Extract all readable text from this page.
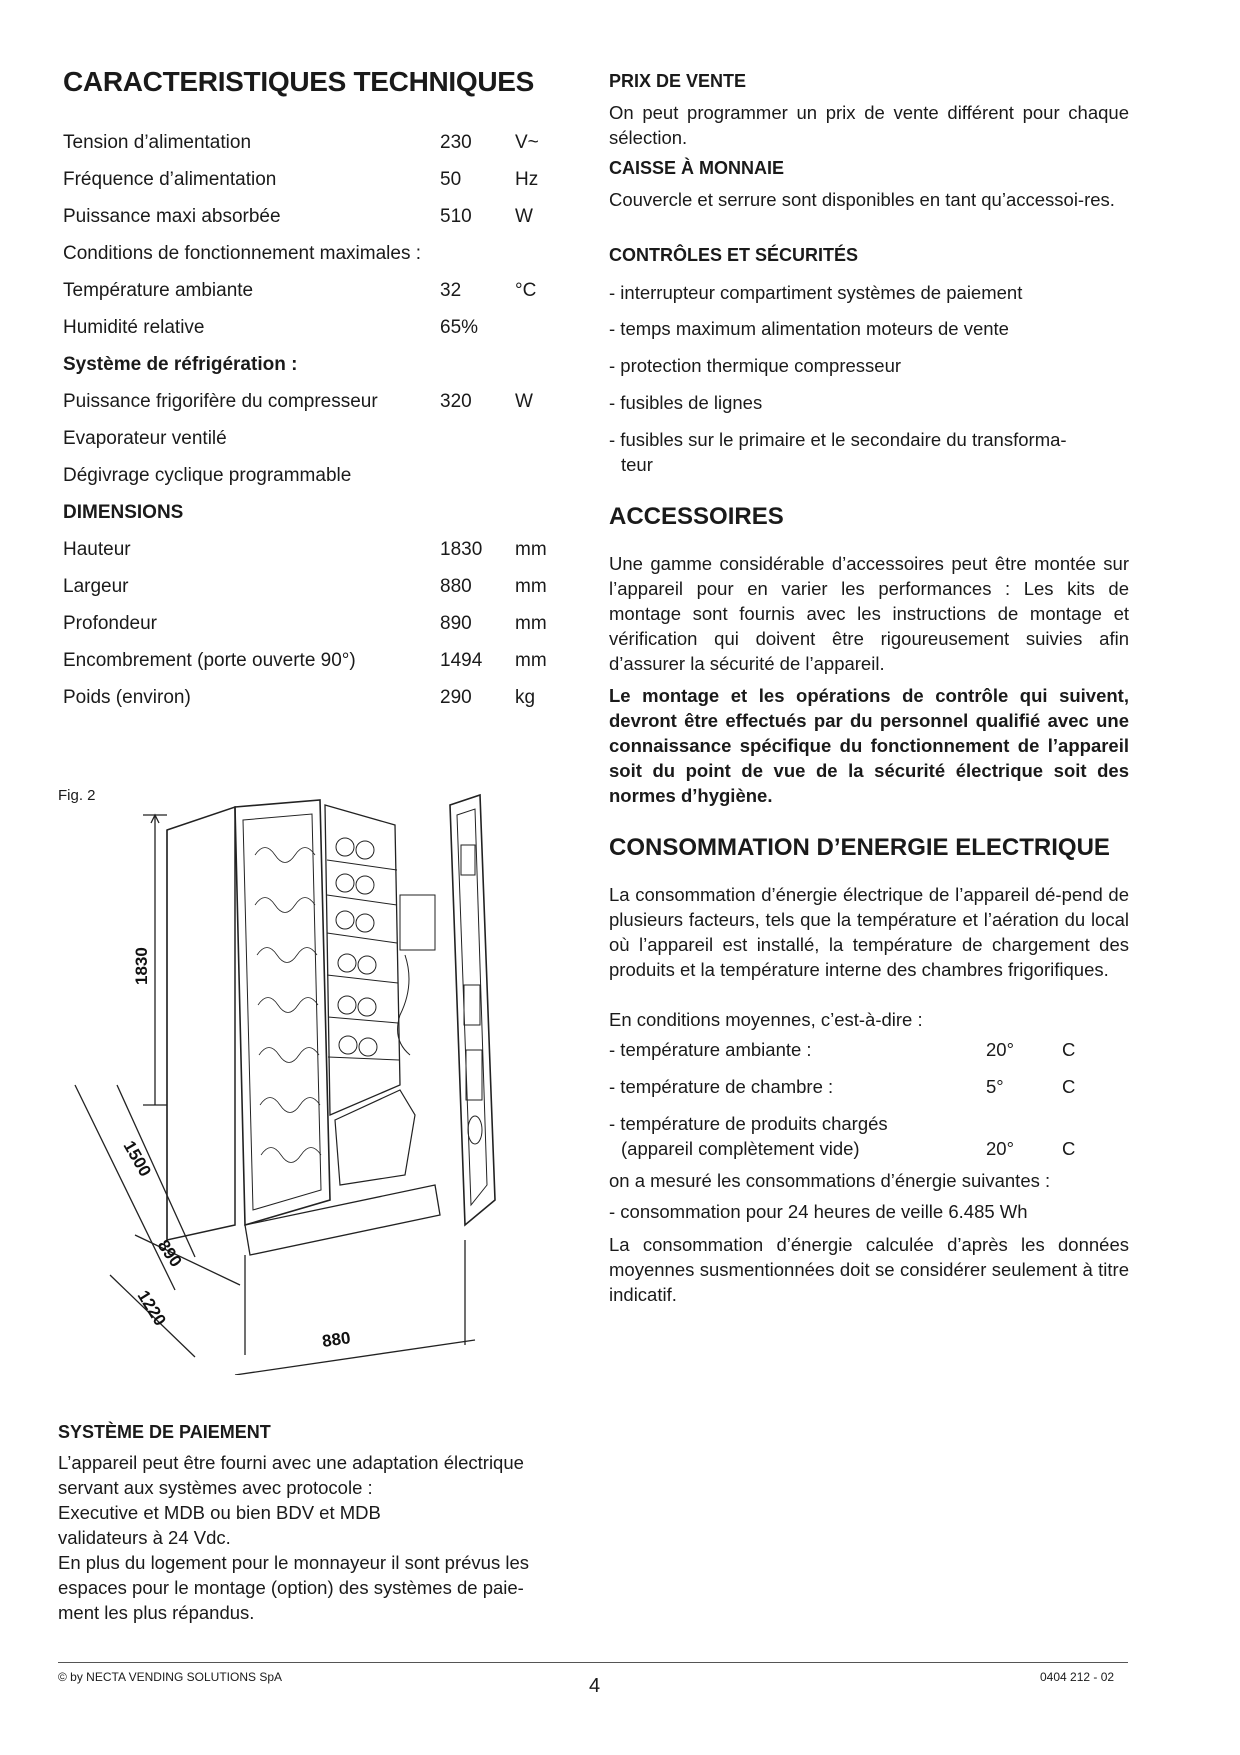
CARACTERISTIQUES TECHNIQUES
Tension d’alimentation	230 V~
Fréquence d’alimentation	50	Hz
Puissance maxi absorbée	510 W
Conditions de fonctionnement maximales :
Température ambiante	32	°C
Humidité relative	65%
Système de réfrigération :
Puissance frigorifère du compresseur	320 W
Evaporateur ventilé
Dégivrage cyclique programmable
DIMENSIONS
Hauteur	1830 mm
Largeur	880 mm
Profondeur	890 mm
Encombrement (porte ouverte 90°)	1494 mm
Poids (environ)	290 kg
Fig. 2
1830
1500
890
1220
880
SYSTÈME DE PAIEMENT
L’appareil peut être fourni avec une adaptation électrique
servant aux systèmes avec protocole :
Executive et MDB ou bien BDV et MDB
validateurs à 24 Vdc.
En plus du logement pour le monnayeur il sont prévus les
espaces pour le montage (option) des systèmes de paie-
ment les plus répandus.
PRIX DE VENTE
On peut programmer un prix de vente différent pour chaque sélection.
CAISSE À MONNAIE
Couvercle et serrure sont disponibles en tant qu’accessoi-res.
CONTRÔLES ET SÉCURITÉS
- interrupteur compartiment systèmes de paiement
- temps maximum alimentation moteurs de vente
- protection thermique compresseur
- fusibles de lignes
- fusibles sur le primaire et le secondaire du transforma-
teur
ACCESSOIRES
Une gamme considérable d’accessoires peut être montée sur l’appareil pour en varier les performances : Les kits de montage sont fournis avec les instructions de montage et vérification qui doivent être rigoureusement suivies afin d’assurer la sécurité de l’appareil.
Le montage et les opérations de contrôle qui suivent, devront être effectués par du personnel qualifié avec une connaissance spécifique du fonctionnement de l’appareil soit du point de vue de la sécurité électrique soit des normes d’hygiène.
CONSOMMATION D’ENERGIE ELECTRIQUE
La consommation d’énergie électrique de l’appareil dé-pend de plusieurs facteurs, tels que la température et l’aération du local où l’appareil est installé, la température de chargement des produits et la température interne des chambres frigorifiques.
En conditions moyennes, c’est-à-dire :
- température ambiante :	20°	C
- température de chambre :	5°	C
- température de produits chargés
(appareil complètement vide)	20°	C
on a mesuré les consommations d’énergie suivantes :
- consommation pour 24 heures de veille 6.485 Wh
La consommation d’énergie calculée d’après les données moyennes susmentionnées doit se considérer seulement à titre indicatif.
© by NECTA VENDING SOLUTIONS SpA	4	0404 212 - 02
